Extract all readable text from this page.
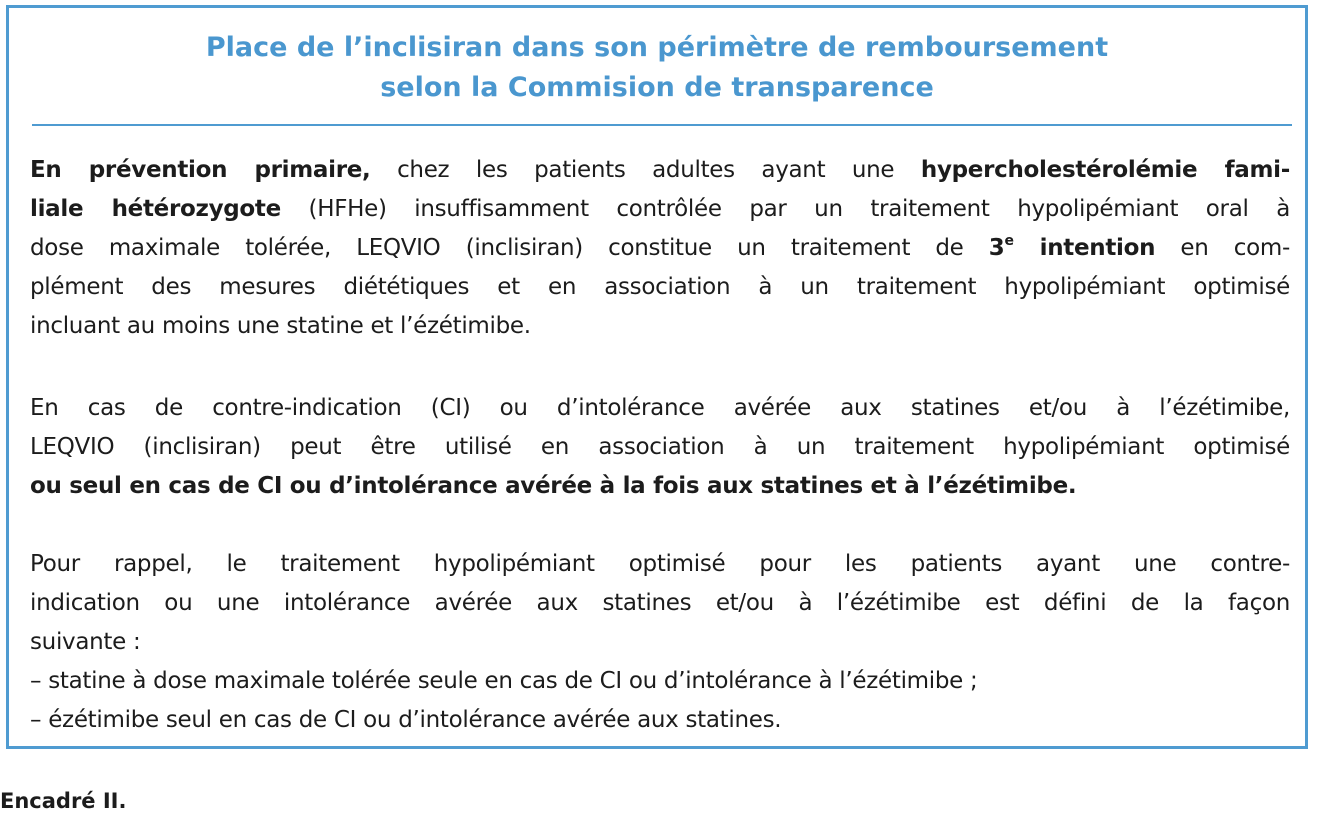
Place de l’inclisiran dans son périmètre de remboursement
selon la Commision de transparence
En prévention primaire, chez les patients adultes ayant une hypercholestérolémie fami-
liale hétérozygote (HFHe) insuffisamment contrôlée par un traitement hypolipémiant oral à
dose maximale tolérée, LEQVIO (inclisiran) constitue un traitement de 3e intention en com-
plément des mesures diététiques et en association à un traitement hypolipémiant optimisé
incluant au moins une statine et l’ézétimibe.
En cas de contre-indication (CI) ou d’intolérance avérée aux statines et/ou à l’ézétimibe,
LEQVIO (inclisiran) peut être utilisé en association à un traitement hypolipémiant optimisé
ou seul en cas de CI ou d’intolérance avérée à la fois aux statines et à l’ézétimibe.
Pour rappel, le traitement hypolipémiant optimisé pour les patients ayant une contre-
indication ou une intolérance avérée aux statines et/ou à l’ézétimibe est défini de la façon
suivante :
– statine à dose maximale tolérée seule en cas de CI ou d’intolérance à l’ézétimibe ;
– ézétimibe seul en cas de CI ou d’intolérance avérée aux statines.
Encadré II.
